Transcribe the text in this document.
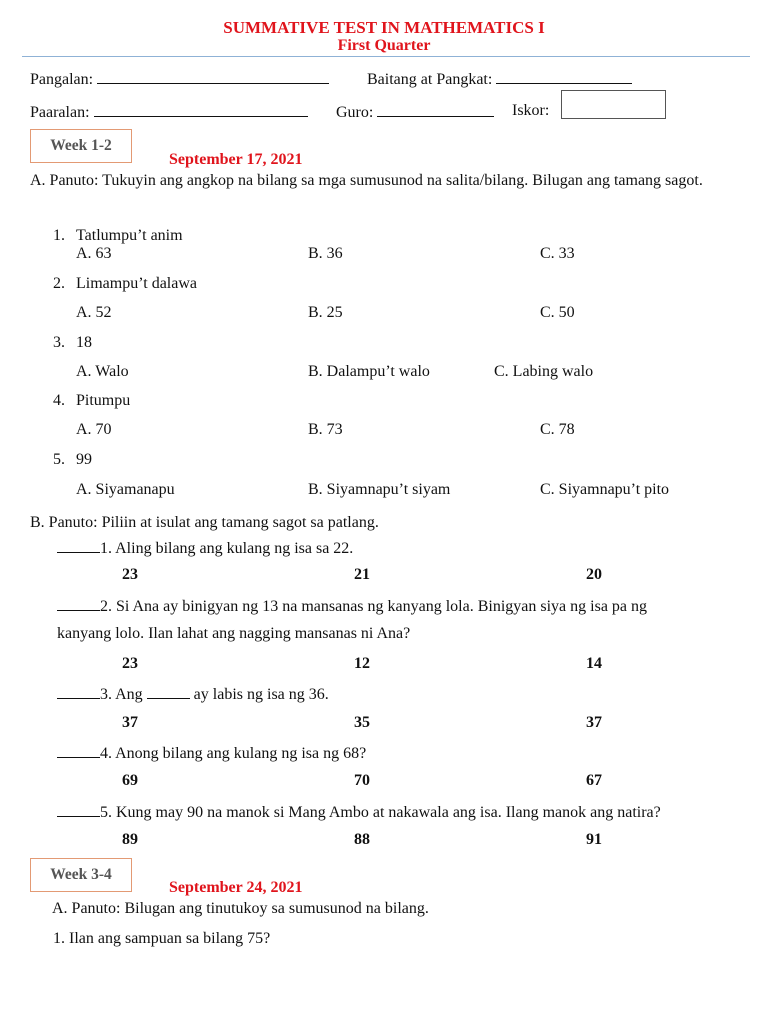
SUMMATIVE TEST IN MATHEMATICS I
First Quarter
Pangalan:	Baitang at Pangkat:
Paaralan:	Guro:	Iskor:
Week 1-2
September 17, 2021
A. Panuto: Tukuyin ang angkop na bilang sa mga sumusunod na salita/bilang. Bilugan ang tamang sagot.
1. Tatlumpu’t anim
A. 63	B. 36	C. 33
2. Limampu’t dalawa
A. 52	B. 25	C. 50
3. 18
A. Walo	B. Dalampu’t walo	C. Labing walo
4. Pitumpu
A. 70	B. 73	C. 78
5. 99
A. Siyamanapu	B. Siyamnapu’t siyam	C. Siyamnapu’t pito
B. Panuto: Piliin at isulat ang tamang sagot sa patlang.
1. Aling bilang ang kulang ng isa sa 22.
23	21	20
2. Si Ana ay binigyan ng 13 na mansanas ng kanyang lola. Binigyan siya ng isa pa ng
kanyang lolo. Ilan lahat ang nagging mansanas ni Ana?
23	12	14
3. Ang	ay labis ng isa ng 36.
37	35	37
4. Anong bilang ang kulang ng isa ng 68?
69	70	67
5. Kung may 90 na manok si Mang Ambo at nakawala ang isa. Ilang manok ang natira?
89	88	91
Week 3-4
September 24, 2021
A. Panuto: Bilugan ang tinutukoy sa sumusunod na bilang.
1. Ilan ang sampuan sa bilang 75?
